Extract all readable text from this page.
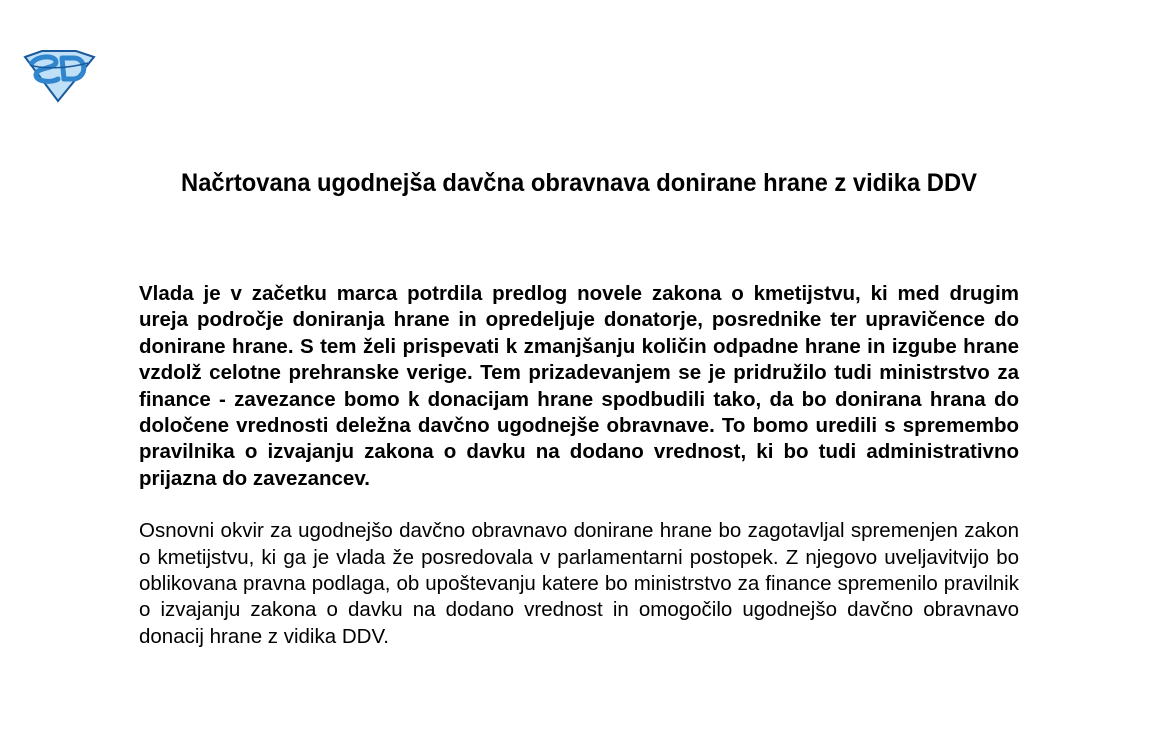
Načrtovana ugodnejša davčna obravnava donirane hrane z vidika DDV

Vlada je v začetku marca potrdila predlog novele zakona o kmetijstvu, ki med drugim ureja področje doniranja hrane in opredeljuje donatorje, posrednike ter upravičence do donirane hrane. S tem želi prispevati k zmanjšanju količin odpadne hrane in izgube hrane vzdolž celotne prehranske verige. Tem prizadevanjem se je pridružilo tudi ministrstvo za finance - zavezance bomo k donacijam hrane spodbudili tako, da bo donirana hrana do določene vrednosti deležna davčno ugodnejše obravnave. To bomo uredili s spremembo pravilnika o izvajanju zakona o davku na dodano vrednost, ki bo tudi administrativno prijazna do zavezancev.

Osnovni okvir za ugodnejšo davčno obravnavo donirane hrane bo zagotavljal spremenjen zakon o kmetijstvu, ki ga je vlada že posredovala v parlamentarni postopek. Z njegovo uveljavitvijo bo oblikovana pravna podlaga, ob upoštevanju katere bo ministrstvo za finance spremenilo pravilnik o izvajanju zakona o davku na dodano vrednost in omogočilo ugodnejšo davčno obravnavo donacij hrane z vidika DDV.
